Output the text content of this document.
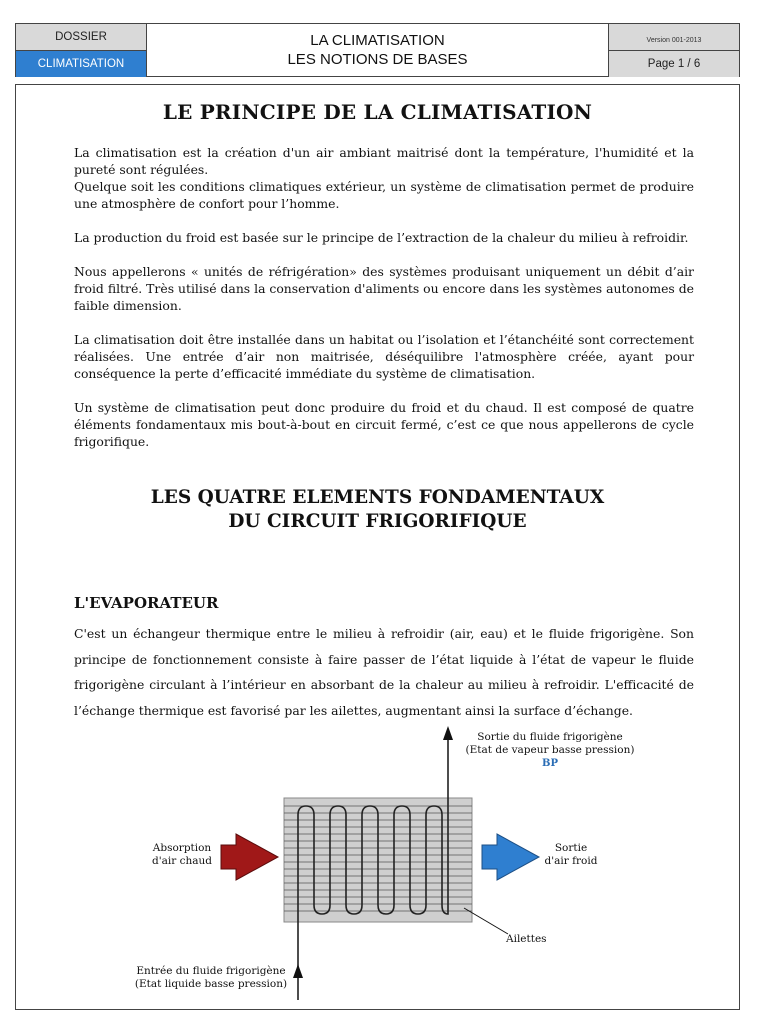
DOSSIER
CLIMATISATION
LA CLIMATISATION
LES NOTIONS DE BASES
Version 001-2013
Page 1 / 6
LE PRINCIPE DE LA CLIMATISATION

La climatisation est la création d'un air ambiant maitrisé dont la température, l'humidité et la pureté sont régulées.

Quelque soit les conditions climatiques extérieur, un système de climatisation permet de produire une atmosphère de confort pour l’homme.

La production du froid est basée sur le principe de l’extraction de la chaleur du milieu à refroidir.

Nous appellerons « unités de réfrigération» des systèmes produisant uniquement un débit d’air froid filtré. Très utilisé dans la conservation d'aliments ou encore dans les systèmes autonomes de faible dimension.

La climatisation doit être installée dans un habitat ou l’isolation et l’étanchéité sont correctement réalisées. Une entrée d’air non maitrisée, déséquilibre l'atmosphère créée, ayant pour conséquence la perte d’efficacité immédiate du système de climatisation.

Un système de climatisation peut donc produire du froid et du chaud. Il est composé de quatre éléments fondamentaux mis bout-à-bout en circuit fermé, c’est ce que nous appellerons de cycle frigorifique.

LES QUATRE ELEMENTS FONDAMENTAUX
DU CIRCUIT FRIGORIFIQUE
L'EVAPORATEUR

C'est un échangeur thermique entre le milieu à refroidir (air, eau) et le fluide frigorigène. Son principe de fonctionnement consiste à faire passer de l’état liquide à l’état de vapeur le fluide frigorigène circulant à l’intérieur en absorbant de la chaleur au milieu à refroidir. L'efficacité de l’échange thermique est favorisé par les ailettes, augmentant ainsi la surface d’échange.

Sortie du fluide frigorigène
(Etat de vapeur basse pression)
BP
Absorption
d'air chaud
Sortie
d'air froid
Ailettes
Entrée du fluide frigorigène
(Etat liquide basse pression)
